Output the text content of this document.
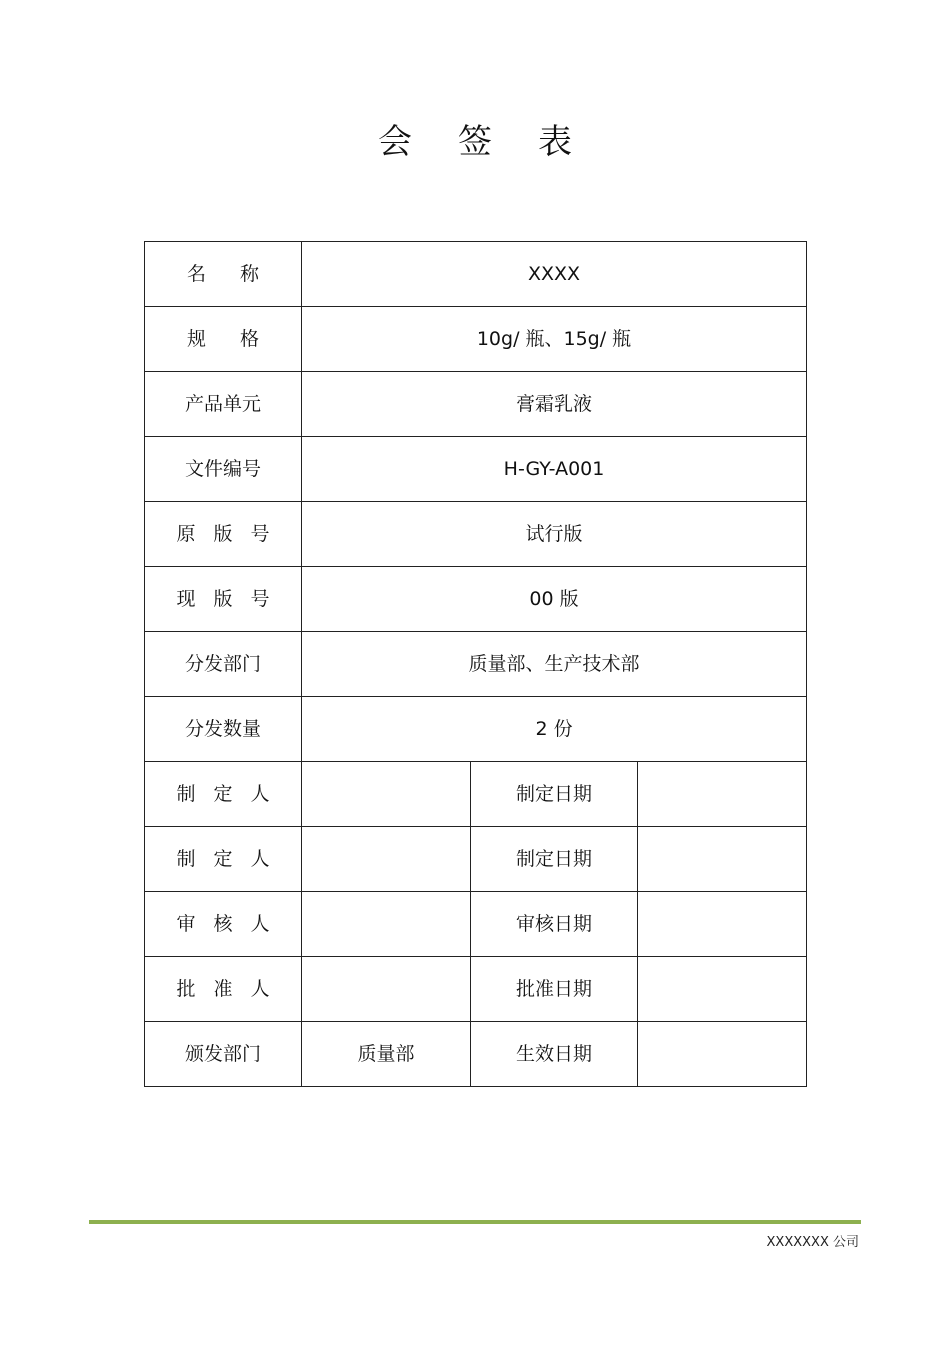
会签表
名称	XXXX		
规格	10g/ 瓶、15g/ 瓶		
产品单元	膏霜乳液		
文件编号	H-GY-A001		
原版号	试行版		
现版号	00 版		
分发部门	质量部、生产技术部		
分发数量	2 份		
制定人		制定日期	
制定人		制定日期	
审核人		审核日期	
批准人		批准日期	
颁发部门	质量部	生效日期	
XXXXXXX 公司
